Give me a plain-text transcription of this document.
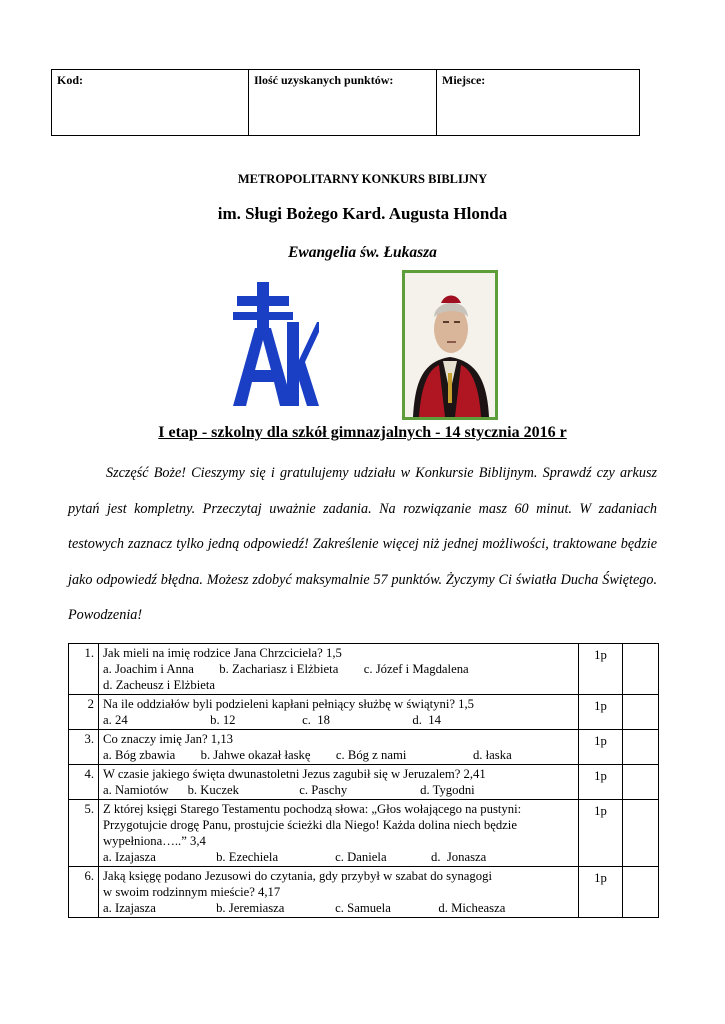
Kod:	Ilość uzyskanych punktów:	Miejsce:
METROPOLITARNY KONKURS BIBLIJNY
im. Sługi Bożego Kard. Augusta Hlonda
Ewangelia św. Łukasza
I etap - szkolny dla szkół gimnazjalnych - 14 stycznia 2016 r

Szczęść Boże! Cieszymy się i gratulujemy udziału w Konkursie Biblijnym. Sprawdź czy arkusz pytań jest kompletny. Przeczytaj uważnie zadania. Na rozwiązanie masz 60 minut. W zadaniach testowych zaznacz tylko jedną odpowiedź! Zakreślenie więcej niż jednej możliwości, traktowane będzie jako odpowiedź błędna. Możesz zdobyć maksymalnie 57 punktów. Życzymy Ci światła Ducha Świętego. Powodzenia!

1.	Jak mieli na imię rodzice Jana Chrzciciela? 1,5
a. Joachim i Anna        b. Zachariasz i Elżbieta        c. Józef i Magdalena
d. Zacheusz i Elżbieta	1p	
2	Na ile oddziałów byli podzieleni kapłani pełniący służbę w świątyni? 1,5
a. 24                          b. 12                     c.  18                          d.  14	1p	
3.	Co znaczy imię Jan? 1,13
a. Bóg zbawia        b. Jahwe okazał łaskę        c. Bóg z nami                     d. łaska	1p	
4.	W czasie jakiego święta dwunastoletni Jezus zagubił się w Jeruzalem? 2,41
a. Namiotów      b. Kuczek                   c. Paschy                       d. Tygodni	1p	
5.	Z której księgi Starego Testamentu pochodzą słowa: „Głos wołającego na pustyni: Przygotujcie drogę Panu, prostujcie ścieżki dla Niego! Każda dolina niech będzie wypełniona…..” 3,4
a. Izajasza                   b. Ezechiela                  c. Daniela              d.  Jonasza	1p	
6.	Jaką księgę podano Jezusowi do czytania, gdy przybył w szabat do synagogi
w swoim rodzinnym mieście? 4,17
a. Izajasza                   b. Jeremiasza                c. Samuela               d. Micheasza	1p	
